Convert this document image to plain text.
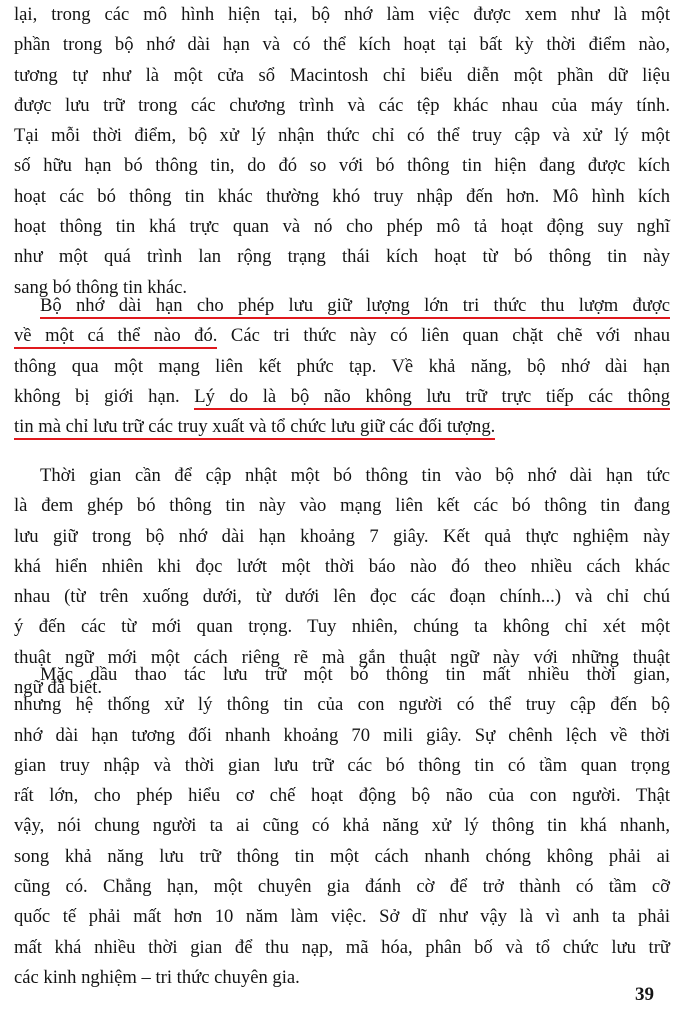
lại, trong các mô hình hiện tại, bộ nhớ làm việc được xem như là một
phần trong bộ nhớ dài hạn và có thể kích hoạt tại bất kỳ thời điểm nào,
tương tự như là một cửa sổ Macintosh chỉ biểu diễn một phần dữ liệu
được lưu trữ trong các chương trình và các tệp khác nhau của máy tính.
Tại mỗi thời điểm, bộ xử lý nhận thức chỉ có thể truy cập và xử lý một
số hữu hạn bó thông tin, do đó so với bó thông tin hiện đang được kích
hoạt các bó thông tin khác thường khó truy nhập đến hơn. Mô hình kích
hoạt thông tin khá trực quan và nó cho phép mô tả hoạt động suy nghĩ
như một quá trình lan rộng trạng thái kích hoạt từ bó thông tin này
sang bó thông tin khác.

Bộ nhớ dài hạn cho phép lưu giữ lượng lớn tri thức thu lượm được
về một cá thể nào đó. Các tri thức này có liên quan chặt chẽ với nhau
thông qua một mạng liên kết phức tạp. Về khả năng, bộ nhớ dài hạn
không bị giới hạn. Lý do là bộ não không lưu trữ trực tiếp các thông
tin mà chỉ lưu trữ các truy xuất và tổ chức lưu giữ các đối tượng.

Thời gian cần để cập nhật một bó thông tin vào bộ nhớ dài hạn tức
là đem ghép bó thông tin này vào mạng liên kết các bó thông tin đang
lưu giữ trong bộ nhớ dài hạn khoảng 7 giây. Kết quả thực nghiệm này
khá hiển nhiên khi đọc lướt một thời báo nào đó theo nhiều cách khác
nhau (từ trên xuống dưới, từ dưới lên đọc các đoạn chính...) và chỉ chú
ý đến các từ mới quan trọng. Tuy nhiên, chúng ta không chỉ xét một
thuật ngữ mới một cách riêng rẽ mà gắn thuật ngữ này với những thuật
ngữ đã biết.

Mặc dầu thao tác lưu trữ một bó thông tin mất nhiều thời gian,
nhưng hệ thống xử lý thông tin của con người có thể truy cập đến bộ
nhớ dài hạn tương đối nhanh khoảng 70 mili giây. Sự chênh lệch về thời
gian truy nhập và thời gian lưu trữ các bó thông tin có tầm quan trọng
rất lớn, cho phép hiểu cơ chế hoạt động bộ não của con người. Thật
vậy, nói chung người ta ai cũng có khả năng xử lý thông tin khá nhanh,
song khả năng lưu trữ thông tin một cách nhanh chóng không phải ai
cũng có. Chẳng hạn, một chuyên gia đánh cờ để trở thành có tầm cỡ
quốc tế phải mất hơn 10 năm làm việc. Sở dĩ như vậy là vì anh ta phải
mất khá nhiều thời gian để thu nạp, mã hóa, phân bố và tổ chức lưu trữ
các kinh nghiệm – tri thức chuyên gia.

39
